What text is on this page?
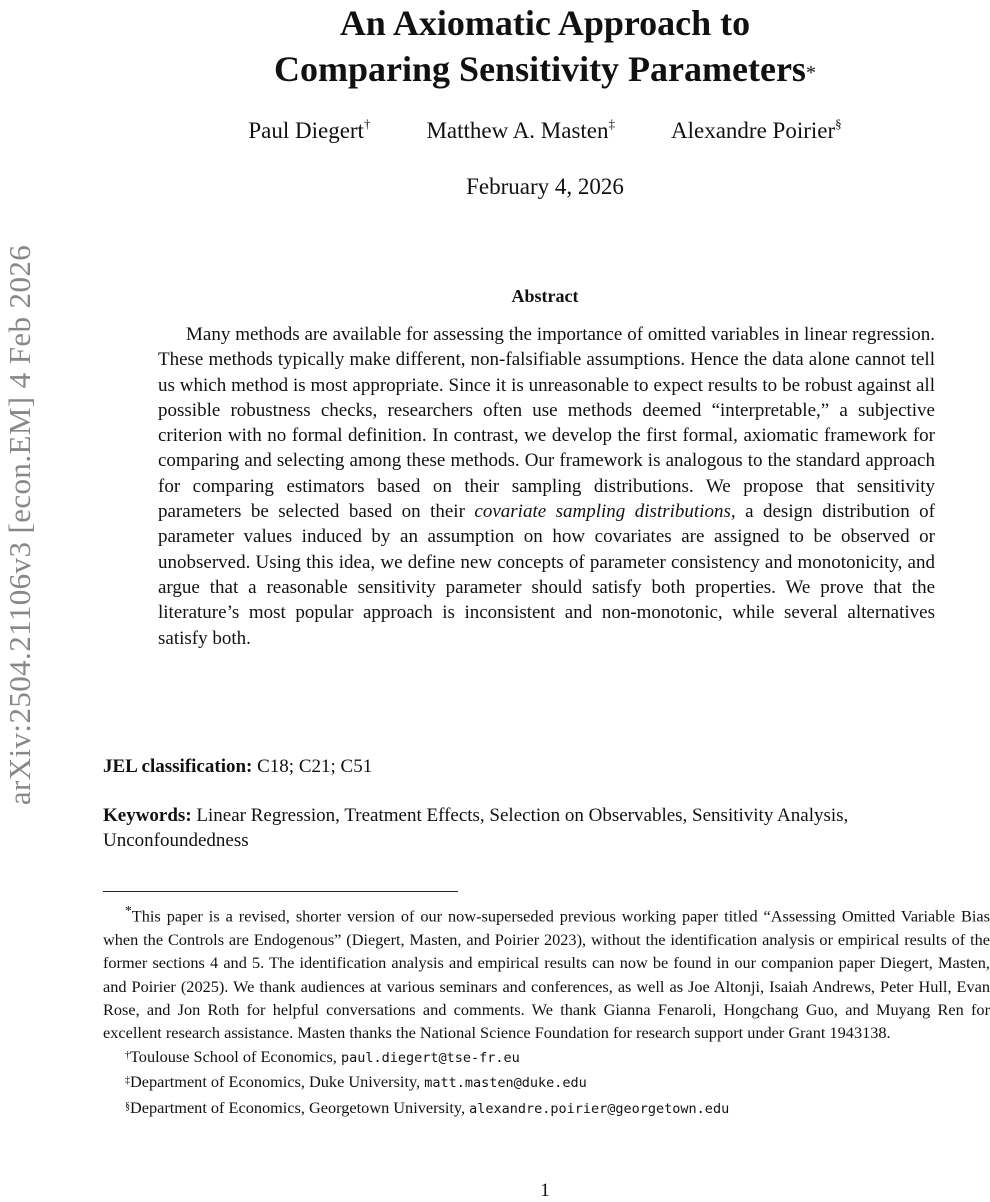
arXiv:2504.21106v3 [econ.EM] 4 Feb 2026
An Axiomatic Approach to
Comparing Sensitivity Parameters*
Paul Diegert† Matthew A. Masten‡ Alexandre Poirier§
February 4, 2026
Abstract

Many methods are available for assessing the importance of omitted variables in linear regression. These methods typically make different, non-falsifiable assumptions. Hence the data alone cannot tell us which method is most appropriate. Since it is unreasonable to expect results to be robust against all possible robustness checks, researchers often use methods deemed “interpretable,” a subjective criterion with no formal definition. In contrast, we develop the first formal, axiomatic framework for comparing and selecting among these methods. Our framework is analogous to the standard approach for comparing estimators based on their sampling distributions. We propose that sensitivity parameters be selected based on their covariate sampling distributions, a design distribution of parameter values induced by an assumption on how covariates are assigned to be observed or unobserved. Using this idea, we define new concepts of parameter consistency and monotonicity, and argue that a reasonable sensitivity parameter should satisfy both properties. We prove that the literature’s most popular approach is inconsistent and non-monotonic, while several alternatives satisfy both.

JEL classification: C18; C21; C51
Keywords: Linear Regression, Treatment Effects, Selection on Observables, Sensitivity Analysis, Unconfoundedness

*This paper is a revised, shorter version of our now-superseded previous working paper titled “Assessing Omitted Variable Bias when the Controls are Endogenous” (Diegert, Masten, and Poirier 2023), without the identification analysis or empirical results of the former sections 4 and 5. The identification analysis and empirical results can now be found in our companion paper Diegert, Masten, and Poirier (2025). We thank audiences at various seminars and conferences, as well as Joe Altonji, Isaiah Andrews, Peter Hull, Evan Rose, and Jon Roth for helpful conversations and comments. We thank Gianna Fenaroli, Hongchang Guo, and Muyang Ren for excellent research assistance. Masten thanks the National Science Foundation for research support under Grant 1943138.

†Toulouse School of Economics, paul.diegert@tse-fr.eu

‡Department of Economics, Duke University, matt.masten@duke.edu

§Department of Economics, Georgetown University, alexandre.poirier@georgetown.edu

1
